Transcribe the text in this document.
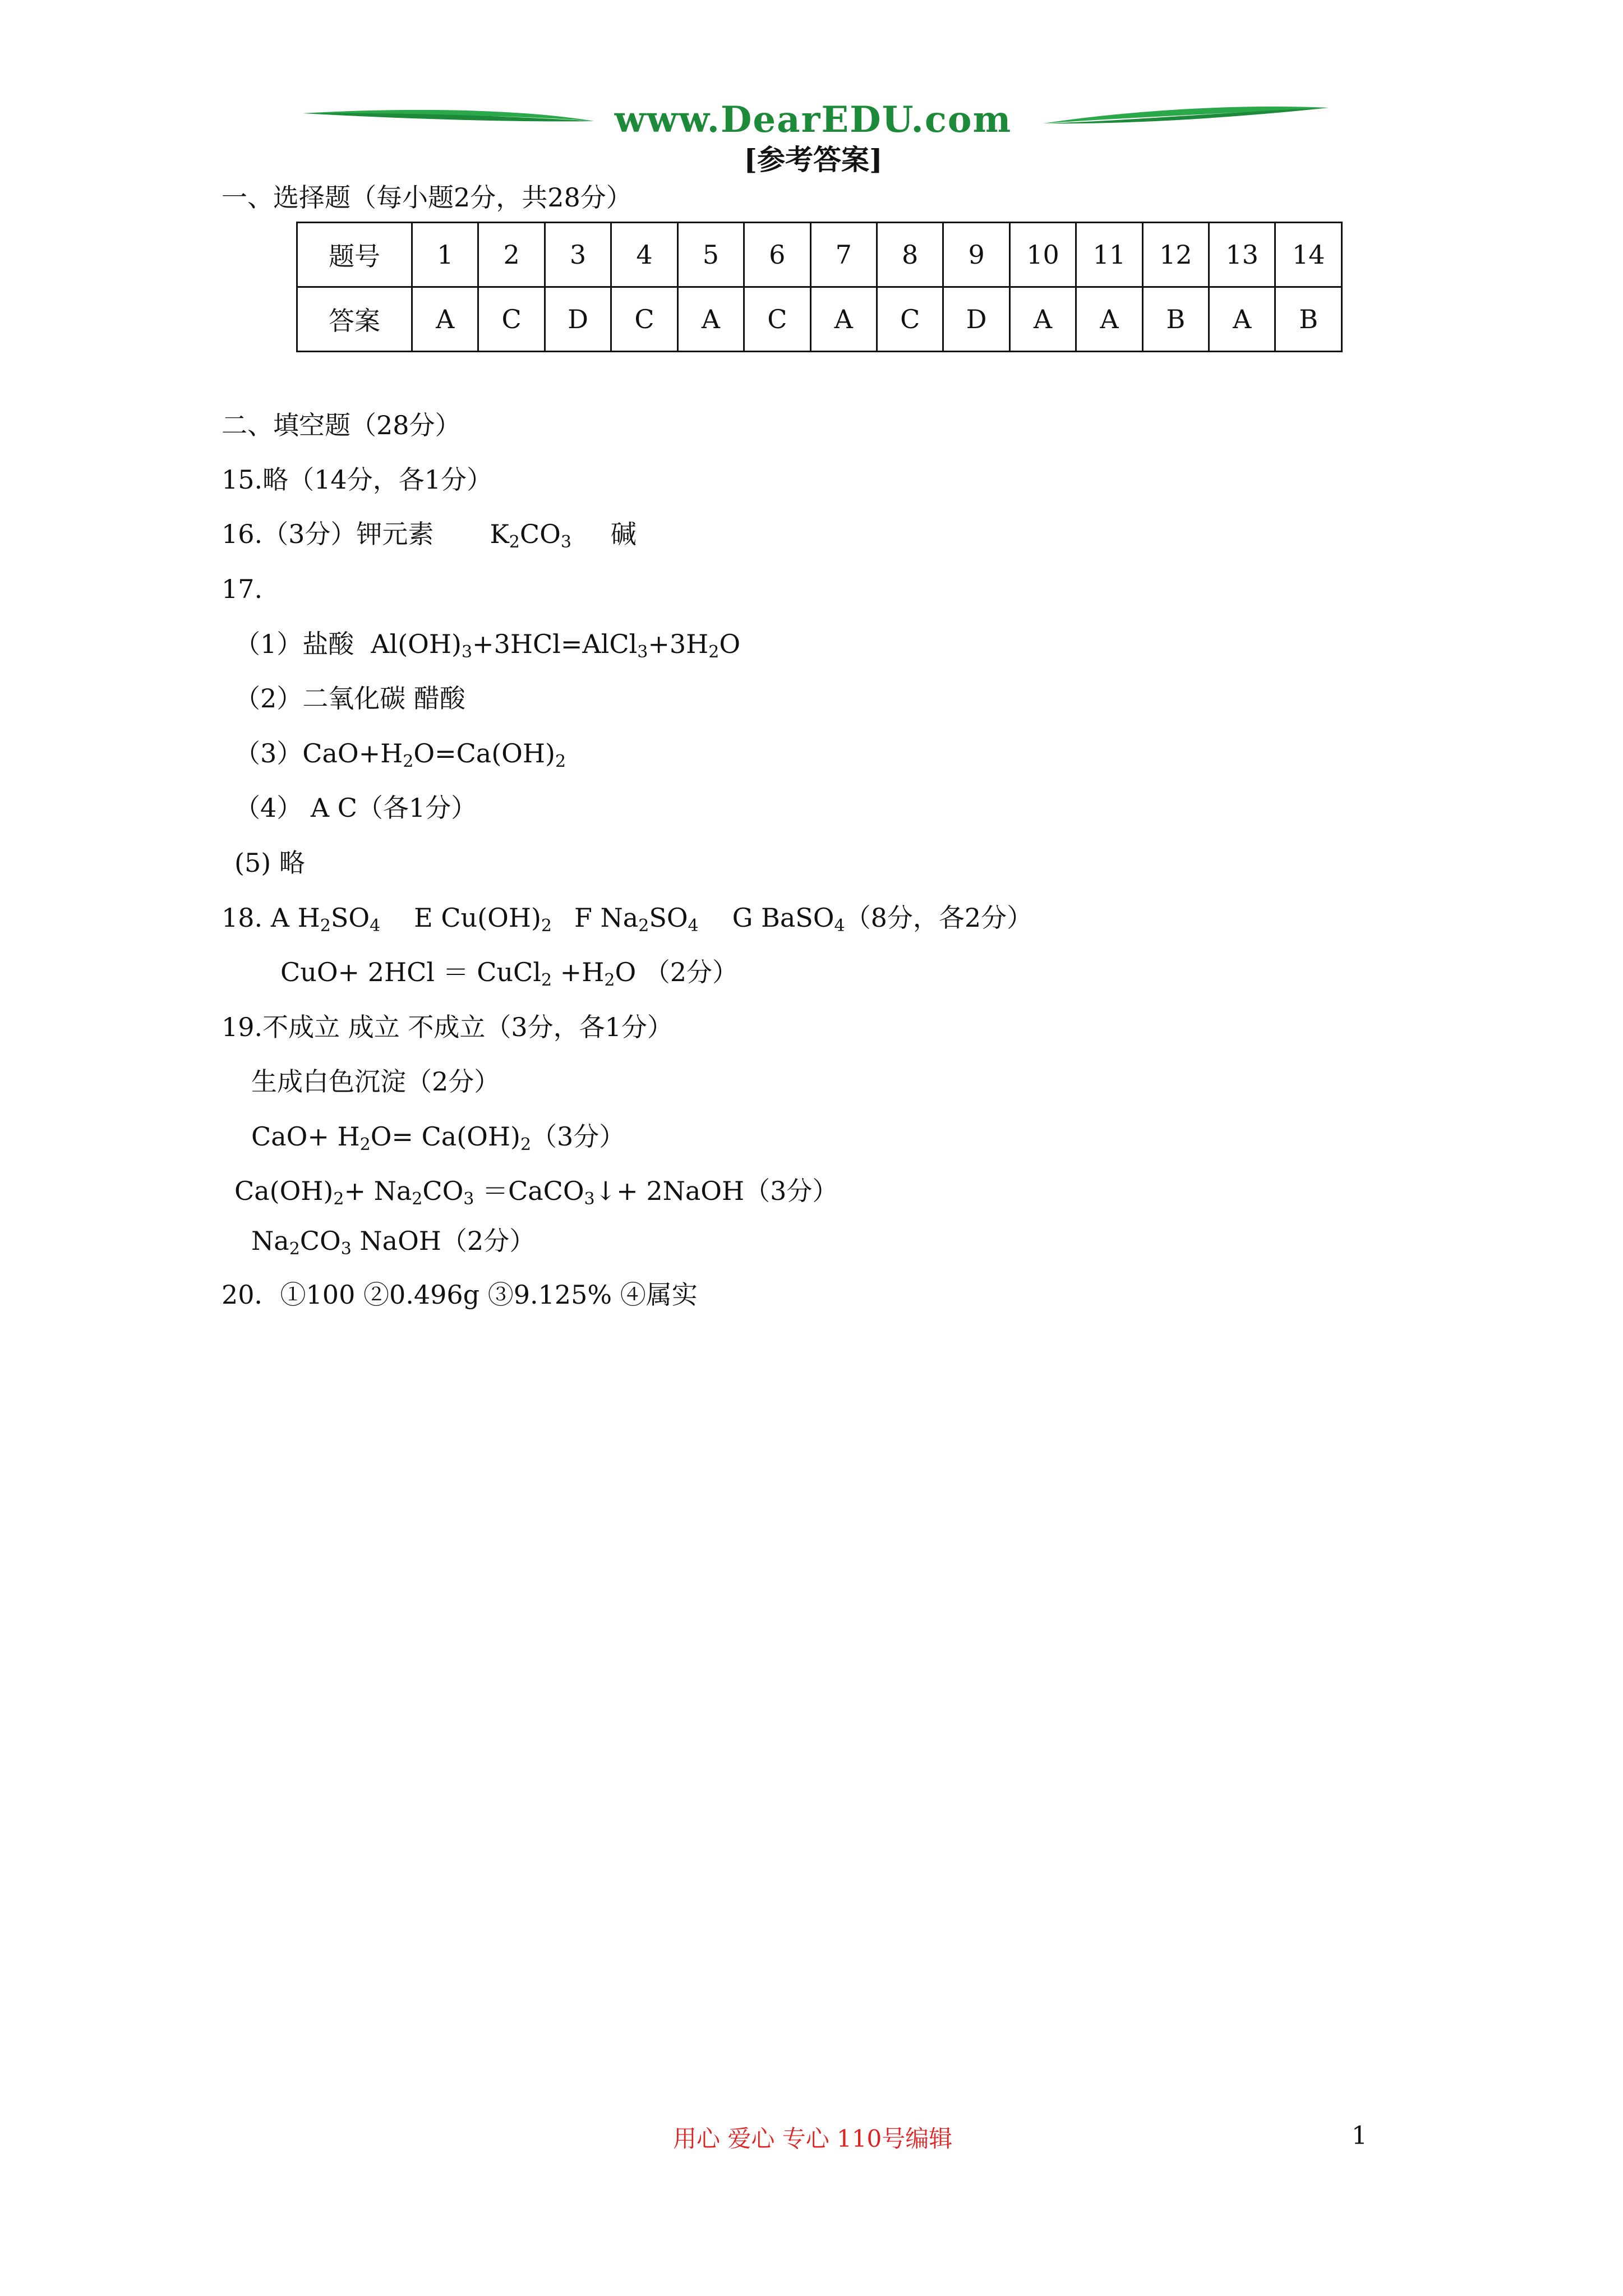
www.DearEDU.com
[参考答案]
一、选择题（每小题2分，共28分）
题号	1	2	3	4	5	6	7	8	9	10	11	12	13	14
答案	A	C	D	C	A	C	A	C	D	A	A	B	A	B
二、填空题（28分）
15.略（14分，各1分）
16.（3分）钾元素 $K_2CO_3$ 碱
17.
（1）盐酸 $Al(OH)_3+3HCl=AlCl_3+3H_2O$
（2）二氧化碳 醋酸
$(3)CaO+H_2O=Ca(OH)_2$
（4） A C（各1分）
(5) 略
18. A $H_2SO_4$ E $Cu(OH)_2$ F $Na_2SO_4$ G BaSO$_4$（8分，各2分）
CuO+ 2HCl ＝ CuCl$_2$ $+H_2O$ （2分）
19.不成立 成立 不成立（3分，各1分）
生成白色沉淀（2分）
$CaO+ H_2O= Ca(OH)_2(3$分）
$Ca(OH)_2+ Na_2CO_3$ ＝CaCO$_3$↓+ 2NaOH（3分）
$Na_2CO_3$ NaOH（2分）
20．①100 ②0.496g ③9.125% ④属实
用心 爱心 专心 110号编辑	1
